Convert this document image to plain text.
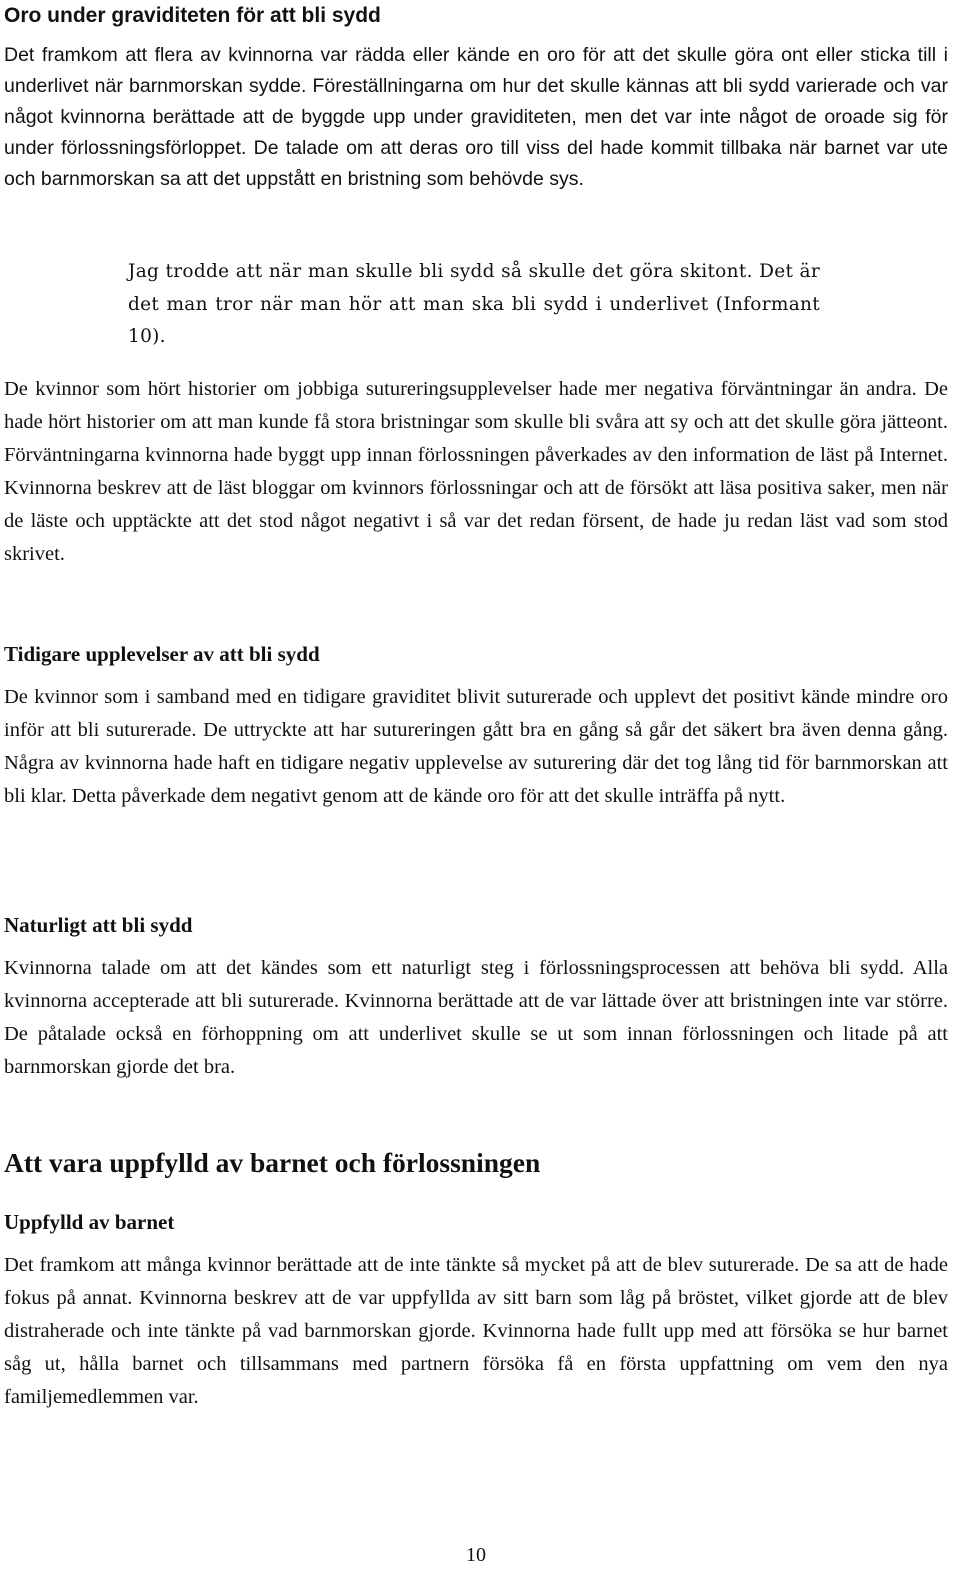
Oro under graviditeten för att bli sydd

Det framkom att flera av kvinnorna var rädda eller kände en oro för att det skulle göra ont eller sticka till i underlivet när barnmorskan sydde. Föreställningarna om hur det skulle kännas att bli sydd varierade och var något kvinnorna berättade att de byggde upp under graviditeten, men det var inte något de oroade sig för under förlossningsförloppet. De talade om att deras oro till viss del hade kommit tillbaka när barnet var ute och barnmorskan sa att det uppstått en bristning som behövde sys.

Jag trodde att när man skulle bli sydd så skulle det göra skitont. Det är det man tror när man hör att man ska bli sydd i underlivet (Informant 10).

De kvinnor som hört historier om jobbiga sutureringsupplevelser hade mer negativa förväntningar än andra. De hade hört historier om att man kunde få stora bristningar som skulle bli svåra att sy och att det skulle göra jätteont. Förväntningarna kvinnorna hade byggt upp innan förlossningen påverkades av den information de läst på Internet. Kvinnorna beskrev att de läst bloggar om kvinnors förlossningar och att de försökt att läsa positiva saker, men när de läste och upptäckte att det stod något negativt i så var det redan försent, de hade ju redan läst vad som stod skrivet.

Tidigare upplevelser av att bli sydd

De kvinnor som i samband med en tidigare graviditet blivit suturerade och upplevt det positivt kände mindre oro inför att bli suturerade. De uttryckte att har sutureringen gått bra en gång så går det säkert bra även denna gång. Några av kvinnorna hade haft en tidigare negativ upplevelse av suturering där det tog lång tid för barnmorskan att bli klar. Detta påverkade dem negativt genom att de kände oro för att det skulle inträffa på nytt.

Naturligt att bli sydd

Kvinnorna talade om att det kändes som ett naturligt steg i förlossningsprocessen att behöva bli sydd. Alla kvinnorna accepterade att bli suturerade. Kvinnorna berättade att de var lättade över att bristningen inte var större. De påtalade också en förhoppning om att underlivet skulle se ut som innan förlossningen och litade på att barnmorskan gjorde det bra.

Att vara uppfylld av barnet och förlossningen
Uppfylld av barnet

Det framkom att många kvinnor berättade att de inte tänkte så mycket på att de blev suturerade. De sa att de hade fokus på annat. Kvinnorna beskrev att de var uppfyllda av sitt barn som låg på bröstet, vilket gjorde att de blev distraherade och inte tänkte på vad barnmorskan gjorde. Kvinnorna hade fullt upp med att försöka se hur barnet såg ut, hålla barnet och tillsammans med partnern försöka få en första uppfattning om vem den nya familjemedlemmen var.

10
